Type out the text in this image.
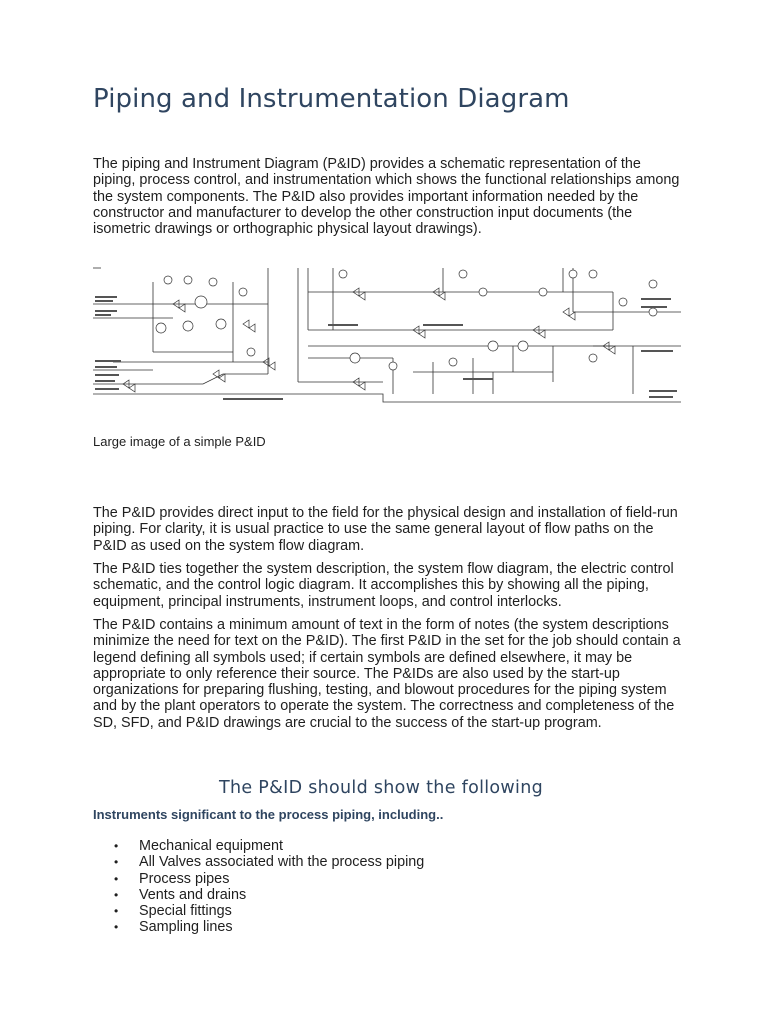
Piping and Instrumentation Diagram

The piping and Instrument Diagram (P&ID) provides a schematic representation of the piping, process control, and instrumentation which shows the functional relationships among the system components. The P&ID also provides important information needed by the constructor and manufacturer to develop the other construction input documents (the isometric drawings or orthographic physical layout drawings).

Large image of a simple P&ID

The P&ID provides direct input to the field for the physical design and installation of field-run piping. For clarity, it is usual practice to use the same general layout of flow paths on the P&ID as used on the system flow diagram.

The P&ID ties together the system description, the system flow diagram, the electric control schematic, and the control logic diagram. It accomplishes this by showing all the piping, equipment, principal instruments, instrument loops, and control interlocks.

The P&ID contains a minimum amount of text in the form of notes (the system descriptions minimize the need for text on the P&ID). The first P&ID in the set for the job should contain a legend defining all symbols used; if certain symbols are defined elsewhere, it may be appropriate to only reference their source. The P&IDs are also used by the start-up organizations for preparing flushing, testing, and blowout procedures for the piping system and by the plant operators to operate the system. The correctness and completeness of the SD, SFD, and P&ID drawings are crucial to the success of the start-up program.

The P&ID should show the following

Instruments significant to the process piping, including..

• Mechanical equipment
• All Valves associated with the process piping
• Process pipes
• Vents and drains
• Special fittings
• Sampling lines
